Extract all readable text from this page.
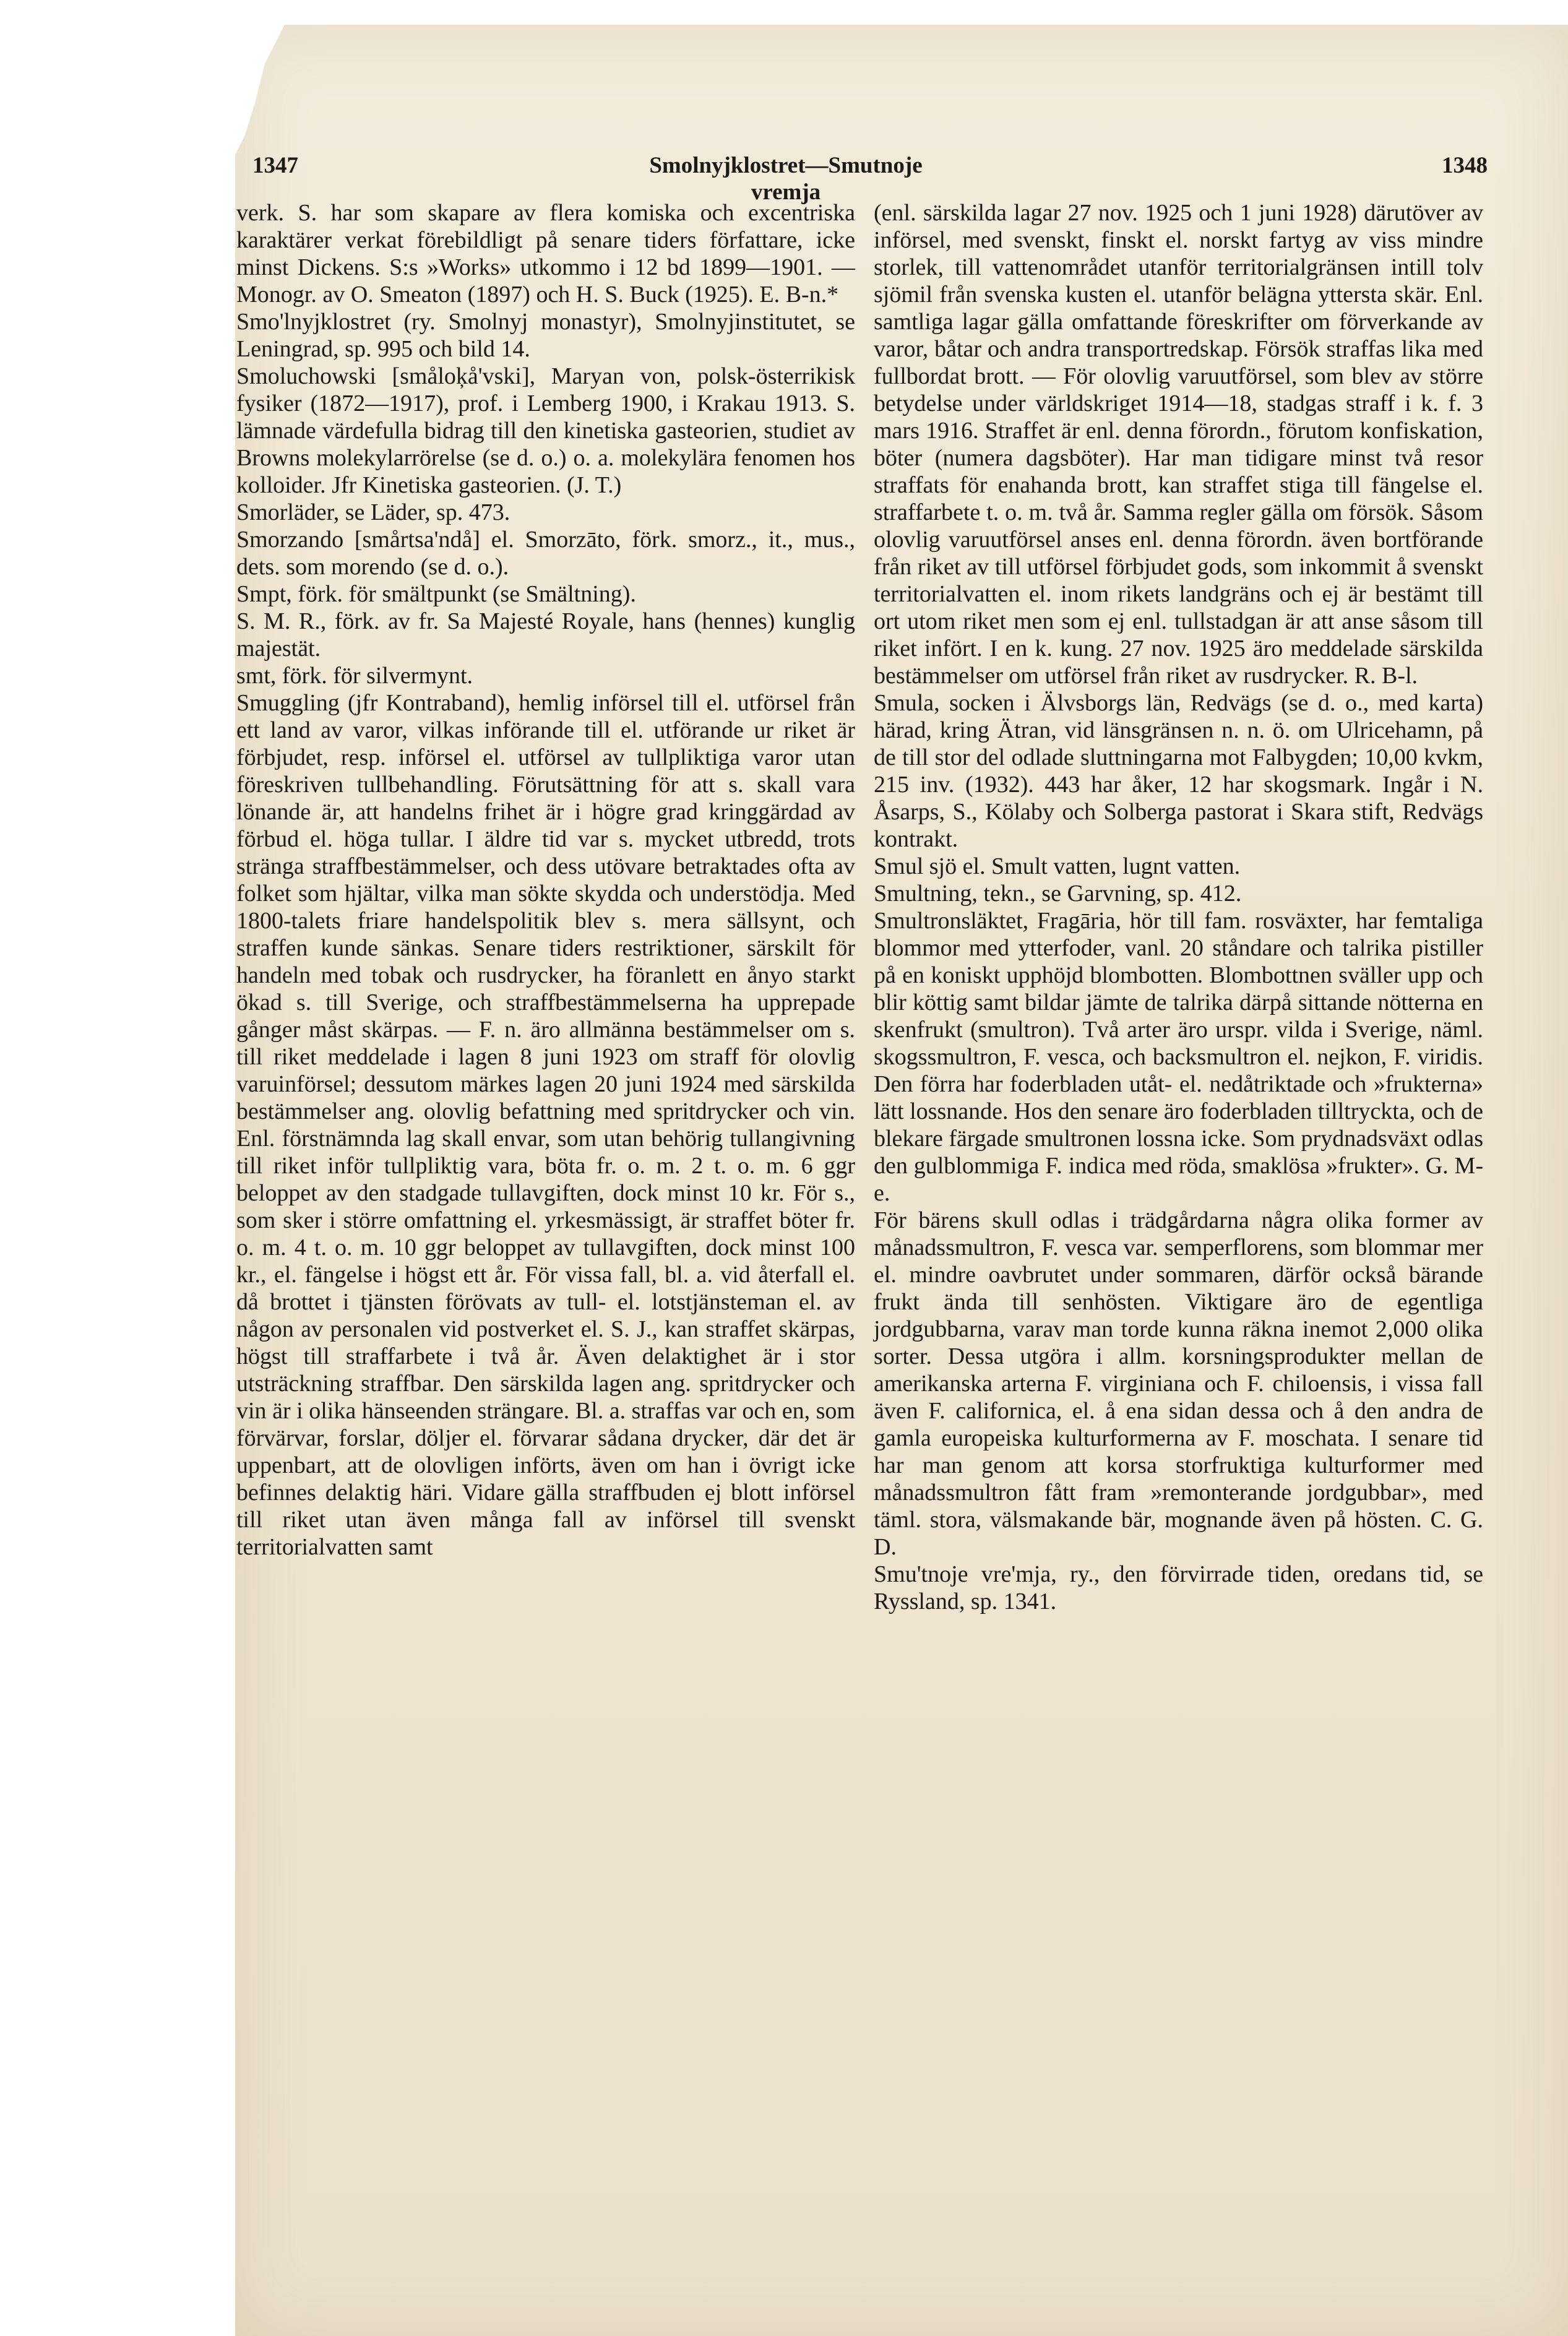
1347	Smolnyjklostret—Smutnoje vremja
1348

verk. S. har som skapare av flera komiska och excentriska karaktärer verkat förebildligt på senare tiders författare, icke minst Dickens. S:s »Works» utkommo i 12 bd 1899—1901. — Monogr. av O. Smeaton (1897) och H. S. Buck (1925). E. B-n.*

Smo'lnyjklostret (ry. Smolnyj monastyr), Smolnyjinstitutet, se Leningrad, sp. 995 och bild 14.

Smoluchowski [småloķå'vski], Maryan von, polsk-österrikisk fysiker (1872—1917), prof. i Lemberg 1900, i Krakau 1913. S. lämnade värdefulla bidrag till den kinetiska gasteorien, studiet av Browns molekylarrörelse (se d. o.) o. a. molekylära fenomen hos kolloider. Jfr Kinetiska gasteorien. (J. T.)

Smorläder, se Läder, sp. 473.

Smorzando [smårtsa'ndå] el. Smorzāto, förk. smorz., it., mus., dets. som morendo (se d. o.).

Smpt, förk. för smältpunkt (se Smältning).

S. M. R., förk. av fr. Sa Majesté Royale, hans (hennes) kunglig majestät.

smt, förk. för silvermynt.

Smuggling (jfr Kontraband), hemlig införsel till el. utförsel från ett land av varor, vilkas införande till el. utförande ur riket är förbjudet, resp. införsel el. utförsel av tullpliktiga varor utan föreskriven tullbehandling. Förutsättning för att s. skall vara lönande är, att handelns frihet är i högre grad kringgärdad av förbud el. höga tullar. I äldre tid var s. mycket utbredd, trots stränga straffbestämmelser, och dess utövare betraktades ofta av folket som hjältar, vilka man sökte skydda och understödja. Med 1800-talets friare handelspolitik blev s. mera sällsynt, och straffen kunde sänkas. Senare tiders restriktioner, särskilt för handeln med tobak och rusdrycker, ha föranlett en ånyo starkt ökad s. till Sverige, och straffbestämmelserna ha upprepade gånger måst skärpas. — F. n. äro allmänna bestämmelser om s. till riket meddelade i lagen 8 juni 1923 om straff för olovlig varuinförsel; dessutom märkes lagen 20 juni 1924 med särskilda bestämmelser ang. olovlig befattning med spritdrycker och vin. Enl. förstnämnda lag skall envar, som utan behörig tullangivning till riket inför tullpliktig vara, böta fr. o. m. 2 t. o. m. 6 ggr beloppet av den stadgade tullavgiften, dock minst 10 kr. För s., som sker i större omfattning el. yrkesmässigt, är straffet böter fr. o. m. 4 t. o. m. 10 ggr beloppet av tullavgiften, dock minst 100 kr., el. fängelse i högst ett år. För vissa fall, bl. a. vid återfall el. då brottet i tjänsten förövats av tull- el. lotstjänsteman el. av någon av personalen vid postverket el. S. J., kan straffet skärpas, högst till straffarbete i två år. Även delaktighet är i stor utsträckning straffbar. Den särskilda lagen ang. spritdrycker och vin är i olika hänseenden strängare. Bl. a. straffas var och en, som förvärvar, forslar, döljer el. förvarar sådana drycker, där det är uppenbart, att de olovligen införts, även om han i övrigt icke befinnes delaktig häri. Vidare gälla straffbuden ej blott införsel till riket utan även många fall av införsel till svenskt territorialvatten samt

(enl. särskilda lagar 27 nov. 1925 och 1 juni 1928) därutöver av införsel, med svenskt, finskt el. norskt fartyg av viss mindre storlek, till vattenområdet utanför territorialgränsen intill tolv sjömil från svenska kusten el. utanför belägna yttersta skär. Enl. samtliga lagar gälla omfattande föreskrifter om förverkande av varor, båtar och andra transportredskap. Försök straffas lika med fullbordat brott. — För olovlig varuutförsel, som blev av större betydelse under världskriget 1914—18, stadgas straff i k. f. 3 mars 1916. Straffet är enl. denna förordn., förutom konfiskation, böter (numera dagsböter). Har man tidigare minst två resor straffats för enahanda brott, kan straffet stiga till fängelse el. straffarbete t. o. m. två år. Samma regler gälla om försök. Såsom olovlig varuutförsel anses enl. denna förordn. även bortförande från riket av till utförsel förbjudet gods, som inkommit å svenskt territorialvatten el. inom rikets landgräns och ej är bestämt till ort utom riket men som ej enl. tullstadgan är att anse såsom till riket infört. I en k. kung. 27 nov. 1925 äro meddelade särskilda bestämmelser om utförsel från riket av rusdrycker. R. B-l.

Smula, socken i Älvsborgs län, Redvägs (se d. o., med karta) härad, kring Ätran, vid länsgränsen n. n. ö. om Ulricehamn, på de till stor del odlade sluttningarna mot Falbygden; 10,00 kvkm, 215 inv. (1932). 443 har åker, 12 har skogsmark. Ingår i N. Åsarps, S., Kölaby och Solberga pastorat i Skara stift, Redvägs kontrakt.

Smul sjö el. Smult vatten, lugnt vatten.

Smultning, tekn., se Garvning, sp. 412.

Smultronsläktet, Fragāria, hör till fam. rosväxter, har femtaliga blommor med ytterfoder, vanl. 20 ståndare och talrika pistiller på en koniskt upphöjd blombotten. Blombottnen sväller upp och blir köttig samt bildar jämte de talrika därpå sittande nötterna en skenfrukt (smultron). Två arter äro urspr. vilda i Sverige, näml. skogssmultron, F. vesca, och backsmultron el. nejkon, F. viridis. Den förra har foderbladen utåt- el. nedåtriktade och »frukterna» lätt lossnande. Hos den senare äro foderbladen tilltryckta, och de blekare färgade smultronen lossna icke. Som prydnadsväxt odlas den gulblommiga F. indica med röda, smaklösa »frukter». G. M-e.

För bärens skull odlas i trädgårdarna några olika former av månadssmultron, F. vesca var. semperflorens, som blommar mer el. mindre oavbrutet under sommaren, därför också bärande frukt ända till senhösten. Viktigare äro de egentliga jordgubbarna, varav man torde kunna räkna inemot 2,000 olika sorter. Dessa utgöra i allm. korsningsprodukter mellan de amerikanska arterna F. virginiana och F. chiloensis, i vissa fall även F. californica, el. å ena sidan dessa och å den andra de gamla europeiska kulturformerna av F. moschata. I senare tid har man genom att korsa storfruktiga kulturformer med månadssmultron fått fram »remonterande jordgubbar», med täml. stora, välsmakande bär, mognande även på hösten. C. G. D.

Smu'tnoje vre'mja, ry., den förvirrade tiden, oredans tid, se Ryssland, sp. 1341.
